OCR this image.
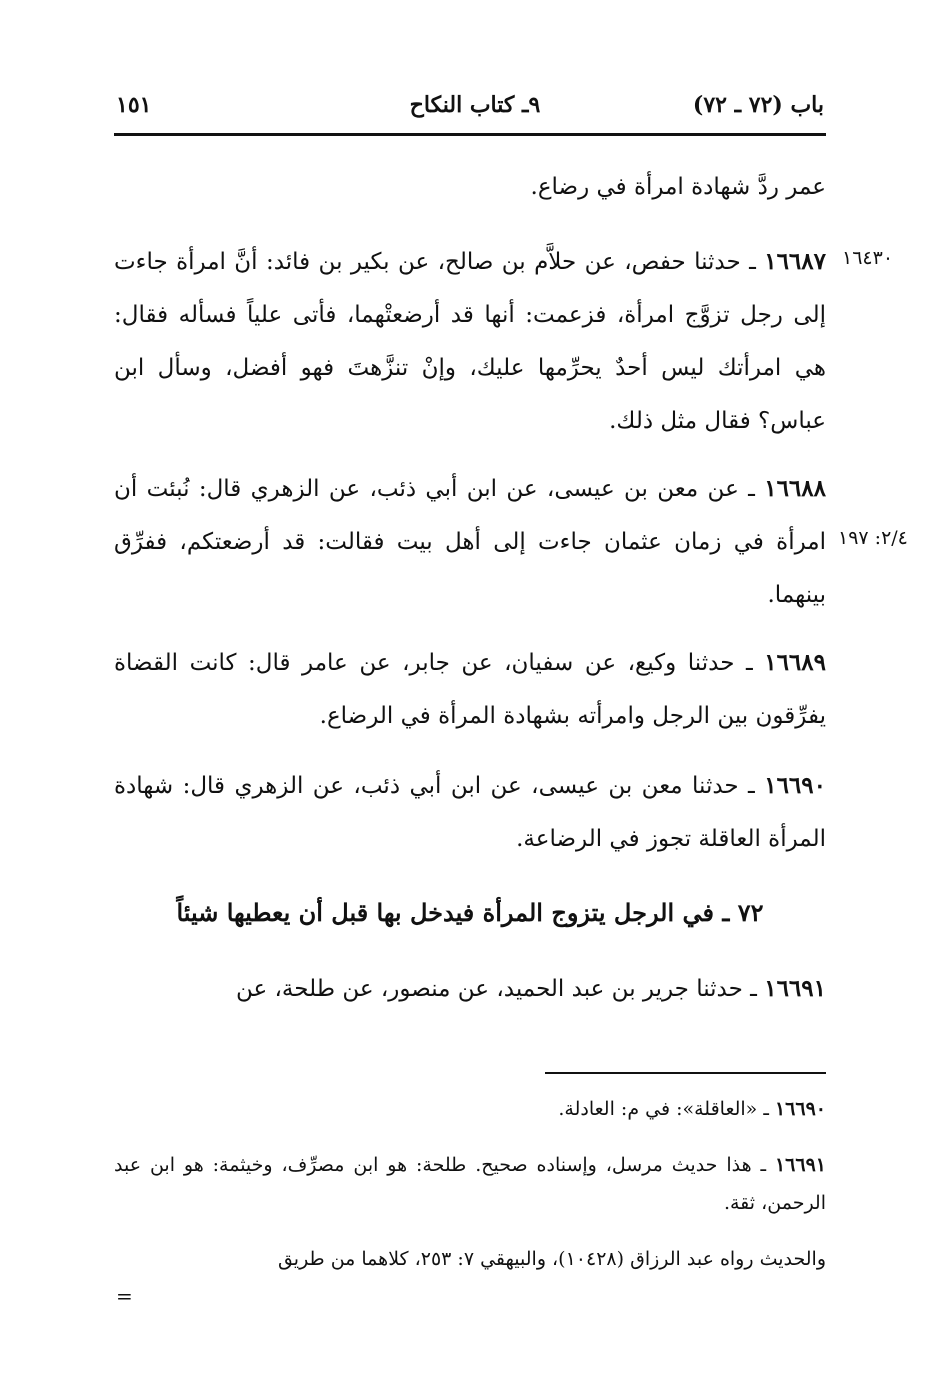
باب (٧٢ ـ ٧٢)
٩ـ كتاب النكاح
١٥١
١٦٤٣٠
٢/٤: ١٩٧

عمر ردَّ شهادة امرأة في رضاع.

١٦٦٨٧ ـ حدثنا حفص، عن حلاَّم بن صالح، عن بكير بن فائد: أنَّ امرأة جاءت إلى رجل تزوَّج امرأة، فزعمت: أنها قد أرضعتْهما، فأتى علياً فسأله فقال: هي امرأتك ليس أحدٌ يحرِّمها عليك، وإنْ تنزَّهتَ فهو أفضل، وسأل ابن عباس؟ فقال مثل ذلك.

١٦٦٨٨ ـ عن معن بن عيسى، عن ابن أبي ذئب، عن الزهري قال: نُبئت أن امرأة في زمان عثمان جاءت إلى أهل بيت فقالت: قد أرضعتكم، ففرِّق بينهما.

١٦٦٨٩ ـ حدثنا وكيع، عن سفيان، عن جابر، عن عامر قال: كانت القضاة يفرِّقون بين الرجل وامرأته بشهادة المرأة في الرضاع.

١٦٦٩٠ ـ حدثنا معن بن عيسى، عن ابن أبي ذئب، عن الزهري قال: شهادة المرأة العاقلة تجوز في الرضاعة.

٧٢ ـ في الرجل يتزوج المرأة فيدخل بها قبل أن يعطيها شيئاً

١٦٦٩١ ـ حدثنا جرير بن عبد الحميد، عن منصور، عن طلحة، عن

١٦٦٩٠ ـ «العاقلة»: في م: العادلة.

١٦٦٩١ ـ هذا حديث مرسل، وإسناده صحيح. طلحة: هو ابن مصرِّف، وخيثمة: هو ابن عبد الرحمن، ثقة.

والحديث رواه عبد الرزاق (١٠٤٢٨)، والبيهقي ٧: ٢٥٣، كلاهما من طريق

=
